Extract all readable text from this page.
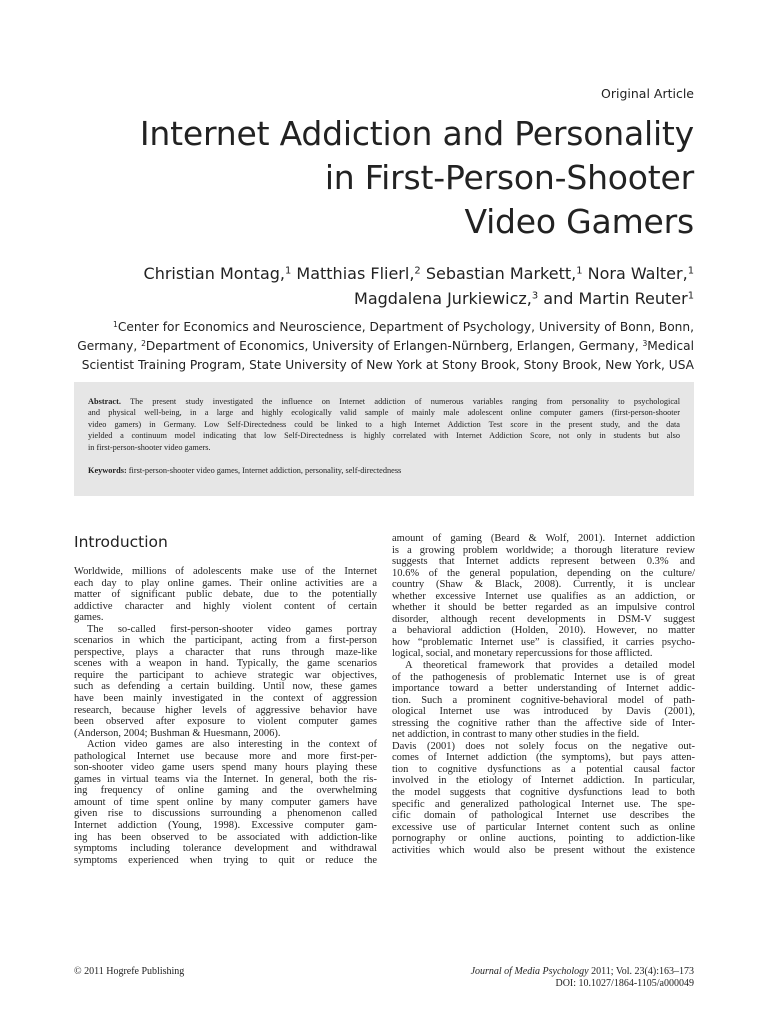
Original Article
Internet Addiction and Personality
in First-Person-Shooter
Video Gamers
Christian Montag,$^1$ Matthias Flierl,$^2$ Sebastian Markett,$^1$ Nora Walter,$^1$
Magdalena Jurkiewicz,$^3$ and Martin Reuter$^1$
$^1$Center for Economics and Neuroscience, Department of Psychology, University of Bonn, Bonn,
Germany, $^2$Department of Economics, University of Erlangen-Nürnberg, Erlangen, Germany, $^3$Medical
Scientist Training Program, State University of New York at Stony Brook, Stony Brook, New York, USA

Abstract. The present study investigated the influence on Internet addiction of numerous variables ranging from personality to psychological
and physical well-being, in a large and highly ecologically valid sample of mainly male adolescent online computer gamers (first-person-shooter
video gamers) in Germany. Low Self-Directedness could be linked to a high Internet Addiction Test score in the present study, and the data
yielded a continuum model indicating that low Self-Directedness is highly correlated with Internet Addiction Score, not only in students but also
in first-person-shooter video gamers.

Keywords: first-person-shooter video games, Internet addiction, personality, self-directedness

Introduction
Worldwide, millions of adolescents make use of the Internet
each day to play online games. Their online activities are a
matter of significant public debate, due to the potentially
addictive character and highly violent content of certain
games.
The so-called first-person-shooter video games portray
scenarios in which the participant, acting from a first-person
perspective, plays a character that runs through maze-like
scenes with a weapon in hand. Typically, the game scenarios
require the participant to achieve strategic war objectives,
such as defending a certain building. Until now, these games
have been mainly investigated in the context of aggression
research, because higher levels of aggressive behavior have
been observed after exposure to violent computer games
(Anderson, 2004; Bushman & Huesmann, 2006).
Action video games are also interesting in the context of
pathological Internet use because more and more first-per-
son-shooter video game users spend many hours playing these
games in virtual teams via the Internet. In general, both the ris-
ing frequency of online gaming and the overwhelming
amount of time spent online by many computer gamers have
given rise to discussions surrounding a phenomenon called
Internet addiction (Young, 1998). Excessive computer gam-
ing has been observed to be associated with addiction-like
symptoms including tolerance development and withdrawal
symptoms experienced when trying to quit or reduce the
amount of gaming (Beard & Wolf, 2001). Internet addiction
is a growing problem worldwide; a thorough literature review
suggests that Internet addicts represent between 0.3% and
10.6% of the general population, depending on the culture/
country (Shaw & Black, 2008). Currently, it is unclear
whether excessive Internet use qualifies as an addiction, or
whether it should be better regarded as an impulsive control
disorder, although recent developments in DSM-V suggest
a behavioral addiction (Holden, 2010). However, no matter
how “problematic Internet use” is classified, it carries psycho-
logical, social, and monetary repercussions for those afflicted.
A theoretical framework that provides a detailed model
of the pathogenesis of problematic Internet use is of great
importance toward a better understanding of Internet addic-
tion. Such a prominent cognitive-behavioral model of path-
ological Internet use was introduced by Davis (2001),
stressing the cognitive rather than the affective side of Inter-
net addiction, in contrast to many other studies in the field.
Davis (2001) does not solely focus on the negative out-
comes of Internet addiction (the symptoms), but pays atten-
tion to cognitive dysfunctions as a potential causal factor
involved in the etiology of Internet addiction. In particular,
the model suggests that cognitive dysfunctions lead to both
specific and generalized pathological Internet use. The spe-
cific domain of pathological Internet use describes the
excessive use of particular Internet content such as online
pornography or online auctions, pointing to addiction-like
activities which would also be present without the existence
© 2011 Hogrefe Publishing	Journal of Media Psychology 2011; Vol. 23(4):163–173
DOI: 10.1027/1864-1105/a000049
